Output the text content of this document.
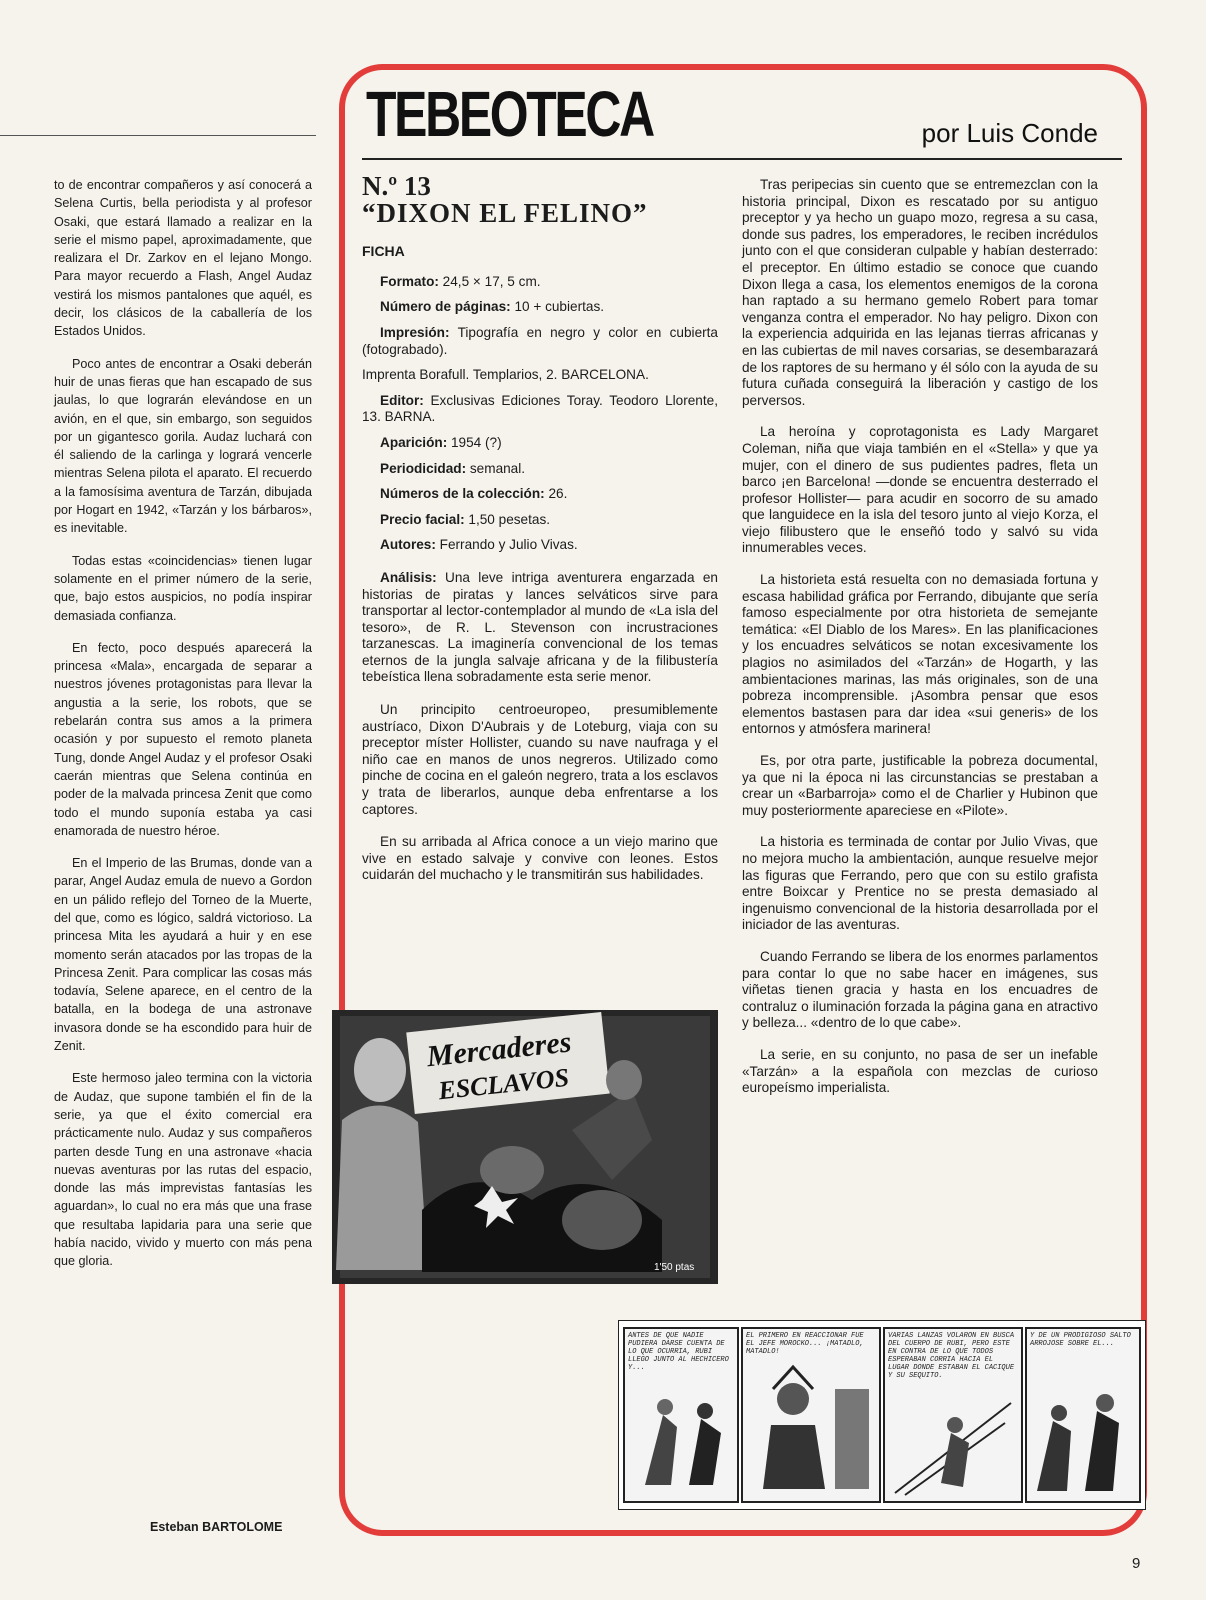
to de encontrar compañeros y así conocerá a Selena Curtis, bella periodista y al profesor Osaki, que estará llamado a realizar en la serie el mismo papel, aproximadamente, que realizara el Dr. Zarkov en el lejano Mongo. Para mayor recuerdo a Flash, Angel Audaz vestirá los mismos pantalones que aquél, es decir, los clásicos de la caballería de los Estados Unidos.

Poco antes de encontrar a Osaki deberán huir de unas fieras que han escapado de sus jaulas, lo que lograrán elevándose en un avión, en el que, sin embargo, son seguidos por un gigantesco gorila. Audaz luchará con él saliendo de la carlinga y logrará vencerle mientras Selena pilota el aparato. El recuerdo a la famosísima aventura de Tarzán, dibujada por Hogart en 1942, «Tarzán y los bárbaros», es inevitable.

Todas estas «coincidencias» tienen lugar solamente en el primer número de la serie, que, bajo estos auspicios, no podía inspirar demasiada confianza.

En fecto, poco después aparecerá la princesa «Mala», encargada de separar a nuestros jóvenes protagonistas para llevar la angustia a la serie, los robots, que se rebelarán contra sus amos a la primera ocasión y por supuesto el remoto planeta Tung, donde Angel Audaz y el profesor Osaki caerán mientras que Selena continúa en poder de la malvada princesa Zenit que como todo el mundo suponía estaba ya casi enamorada de nuestro héroe.

En el Imperio de las Brumas, donde van a parar, Angel Audaz emula de nuevo a Gordon en un pálido reflejo del Torneo de la Muerte, del que, como es lógico, saldrá victorioso. La princesa Mita les ayudará a huir y en ese momento serán atacados por las tropas de la Princesa Zenit. Para complicar las cosas más todavía, Selene aparece, en el centro de la batalla, en la bodega de una astronave invasora donde se ha escondido para huir de Zenit.

Este hermoso jaleo termina con la victoria de Audaz, que supone también el fin de la serie, ya que el éxito comercial era prácticamente nulo. Audaz y sus compañeros parten desde Tung en una astronave «hacia nuevas aventuras por las rutas del espacio, donde las más imprevistas fantasías les aguardan», lo cual no era más que una frase que resultaba lapidaria para una serie que había nacido, vivido y muerto con más pena que gloria.

Esteban BARTOLOME
TEBEOTECA	por Luis Conde
N.º 13
“DIXON EL FELINO”
FICHA
Formato: 24,5 × 17, 5 cm.
Número de páginas: 10 + cubiertas.
Impresión: Tipografía en negro y color en cubierta (fotograbado).
Imprenta Borafull. Templarios, 2. BARCELONA.
Editor: Exclusivas Ediciones Toray. Teodoro Llorente, 13. BARNA.
Aparición: 1954 (?)
Periodicidad: semanal.
Números de la colección: 26.
Precio facial: 1,50 pesetas.
Autores: Ferrando y Julio Vivas.

Análisis: Una leve intriga aventurera engarzada en historias de piratas y lances selváticos sirve para transportar al lector-contemplador al mundo de «La isla del tesoro», de R. L. Stevenson con incrustraciones tarzanescas. La imaginería convencional de los temas eternos de la jungla salvaje africana y de la filibustería tebeística llena sobradamente esta serie menor.

Un principito centroeuropeo, presumiblemente austríaco, Dixon D'Aubrais y de Loteburg, viaja con su preceptor míster Hollister, cuando su nave naufraga y el niño cae en manos de unos negreros. Utilizado como pinche de cocina en el galeón negrero, trata a los esclavos y trata de liberarlos, aunque deba enfrentarse a los captores.

En su arribada al Africa conoce a un viejo marino que vive en estado salvaje y convive con leones. Estos cuidarán del muchacho y le transmitirán sus habilidades.

Tras peripecias sin cuento que se entremezclan con la historia principal, Dixon es rescatado por su antiguo preceptor y ya hecho un guapo mozo, regresa a su casa, donde sus padres, los emperadores, le reciben incrédulos junto con el que consideran culpable y habían desterrado: el preceptor. En último estadio se conoce que cuando Dixon llega a casa, los elementos enemigos de la corona han raptado a su hermano gemelo Robert para tomar venganza contra el emperador. No hay peligro. Dixon con la experiencia adquirida en las lejanas tierras africanas y en las cubiertas de mil naves corsarias, se desembarazará de los raptores de su hermano y él sólo con la ayuda de su futura cuñada conseguirá la liberación y castigo de los perversos.

La heroína y coprotagonista es Lady Margaret Coleman, niña que viaja también en el «Stella» y que ya mujer, con el dinero de sus pudientes padres, fleta un barco ¡en Barcelona! —donde se encuentra desterrado el profesor Hollister— para acudir en socorro de su amado que languidece en la isla del tesoro junto al viejo Korza, el viejo filibustero que le enseñó todo y salvó su vida innumerables veces.

La historieta está resuelta con no demasiada fortuna y escasa habilidad gráfica por Ferrando, dibujante que sería famoso especialmente por otra historieta de semejante temática: «El Diablo de los Mares». En las planificaciones y los encuadres selváticos se notan excesivamente los plagios no asimilados del «Tarzán» de Hogarth, y las ambientaciones marinas, las más originales, son de una pobreza incomprensible. ¡Asombra pensar que esos elementos bastasen para dar idea «sui generis» de los entornos y atmósfera marinera!

Es, por otra parte, justificable la pobreza documental, ya que ni la época ni las circunstancias se prestaban a crear un «Barbarroja» como el de Charlier y Hubinon que muy posteriormente apareciese en «Pilote».

La historia es terminada de contar por Julio Vivas, que no mejora mucho la ambientación, aunque resuelve mejor las figuras que Ferrando, pero que con su estilo grafista entre Boixcar y Prentice no se presta demasiado al ingenuismo convencional de la historia desarrollada por el iniciador de las aventuras.

Cuando Ferrando se libera de los enormes parlamentos para contar lo que no sabe hacer en imágenes, sus viñetas tienen gracia y hasta en los encuadres de contraluz o iluminación forzada la página gana en atractivo y belleza... «dentro de lo que cabe».

La serie, en su conjunto, no pasa de ser un inefable «Tarzán» a la española con mezclas de curioso europeísmo imperialista.

Mercaderes
ESCLAVOS
1'50 ptas
ANTES DE QUE NADIE PUDIERA DARSE CUENTA DE LO QUE OCURRIA, RUBI LLEGO JUNTO AL HECHICERO Y...
EL PRIMERO EN REACCIONAR FUE EL JEFE MOROCKO... ¡MATADLO, MATADLO!
VARIAS LANZAS VOLARON EN BUSCA DEL CUERPO DE RUBI, PERO ESTE EN CONTRA DE LO QUE TODOS ESPERABAN CORRIA HACIA EL LUGAR DONDE ESTABAN EL CACIQUE Y SU SEQUITO.
Y DE UN PRODIGIOSO SALTO ARROJOSE SOBRE EL...
9
